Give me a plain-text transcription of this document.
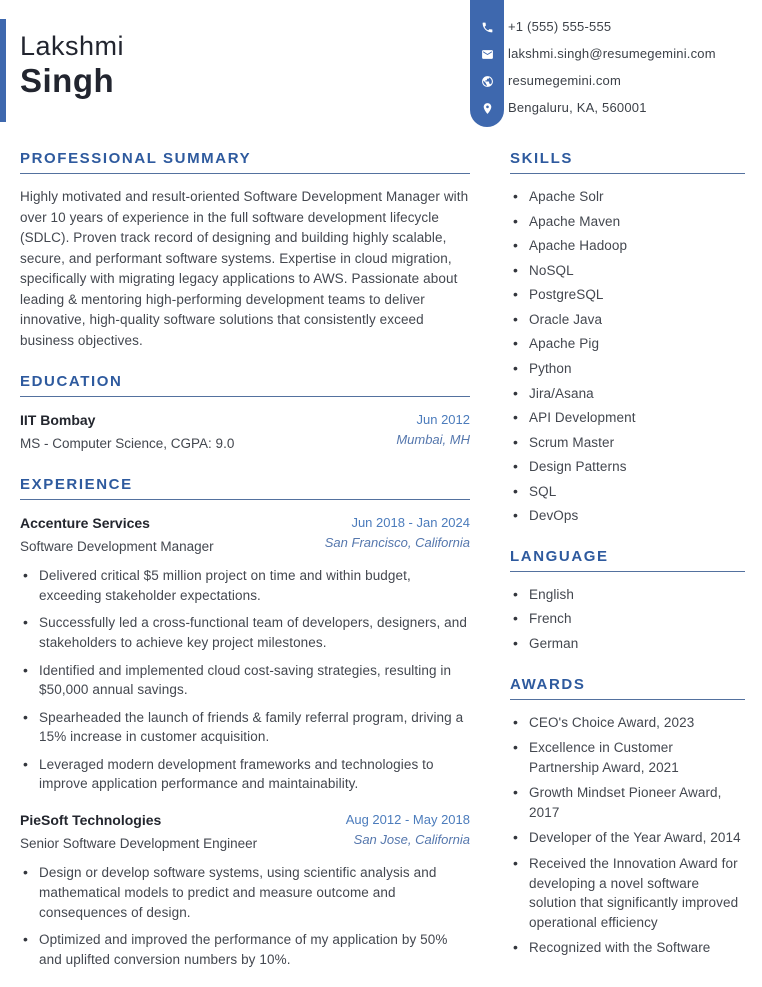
Lakshmi
Singh
+1 (555) 555-555
lakshmi.singh@resumegemini.com
resumegemini.com
Bengaluru, KA, 560001
PROFESSIONAL SUMMARY

Highly motivated and result-oriented Software Development Manager with over 10 years of experience in the full software development lifecycle (SDLC). Proven track record of designing and building highly scalable, secure, and performant software systems. Expertise in cloud migration, specifically with migrating legacy applications to AWS. Passionate about leading & mentoring high-performing development teams to deliver innovative, high-quality software solutions that consistently exceed business objectives.

EDUCATION
IIT Bombay
MS - Computer Science, CGPA: 9.0
Jun 2012
Mumbai, MH
EXPERIENCE
Accenture Services
Software Development Manager
Jun 2018 - Jan 2024
San Francisco, California
• Delivered critical $5 million project on time and within budget, exceeding stakeholder expectations.
• Successfully led a cross-functional team of developers, designers, and stakeholders to achieve key project milestones.
• Identified and implemented cloud cost-saving strategies, resulting in $50,000 annual savings.
• Spearheaded the launch of friends & family referral program, driving a 15% increase in customer acquisition.
• Leveraged modern development frameworks and technologies to improve application performance and maintainability.
PieSoft Technologies
Senior Software Development Engineer
Aug 2012 - May 2018
San Jose, California
• Design or develop software systems, using scientific analysis and mathematical models to predict and measure outcome and consequences of design.
• Optimized and improved the performance of my application by 50% and uplifted conversion numbers by 10%.
SKILLS
• Apache Solr
• Apache Maven
• Apache Hadoop
• NoSQL
• PostgreSQL
• Oracle Java
• Apache Pig
• Python
• Jira/Asana
• API Development
• Scrum Master
• Design Patterns
• SQL
• DevOps
LANGUAGE
• English
• French
• German
AWARDS
• CEO's Choice Award, 2023
• Excellence in Customer Partnership Award, 2021
• Growth Mindset Pioneer Award, 2017
• Developer of the Year Award, 2014
• Received the Innovation Award for developing a novel software solution that significantly improved operational efficiency
• Recognized with the Software
